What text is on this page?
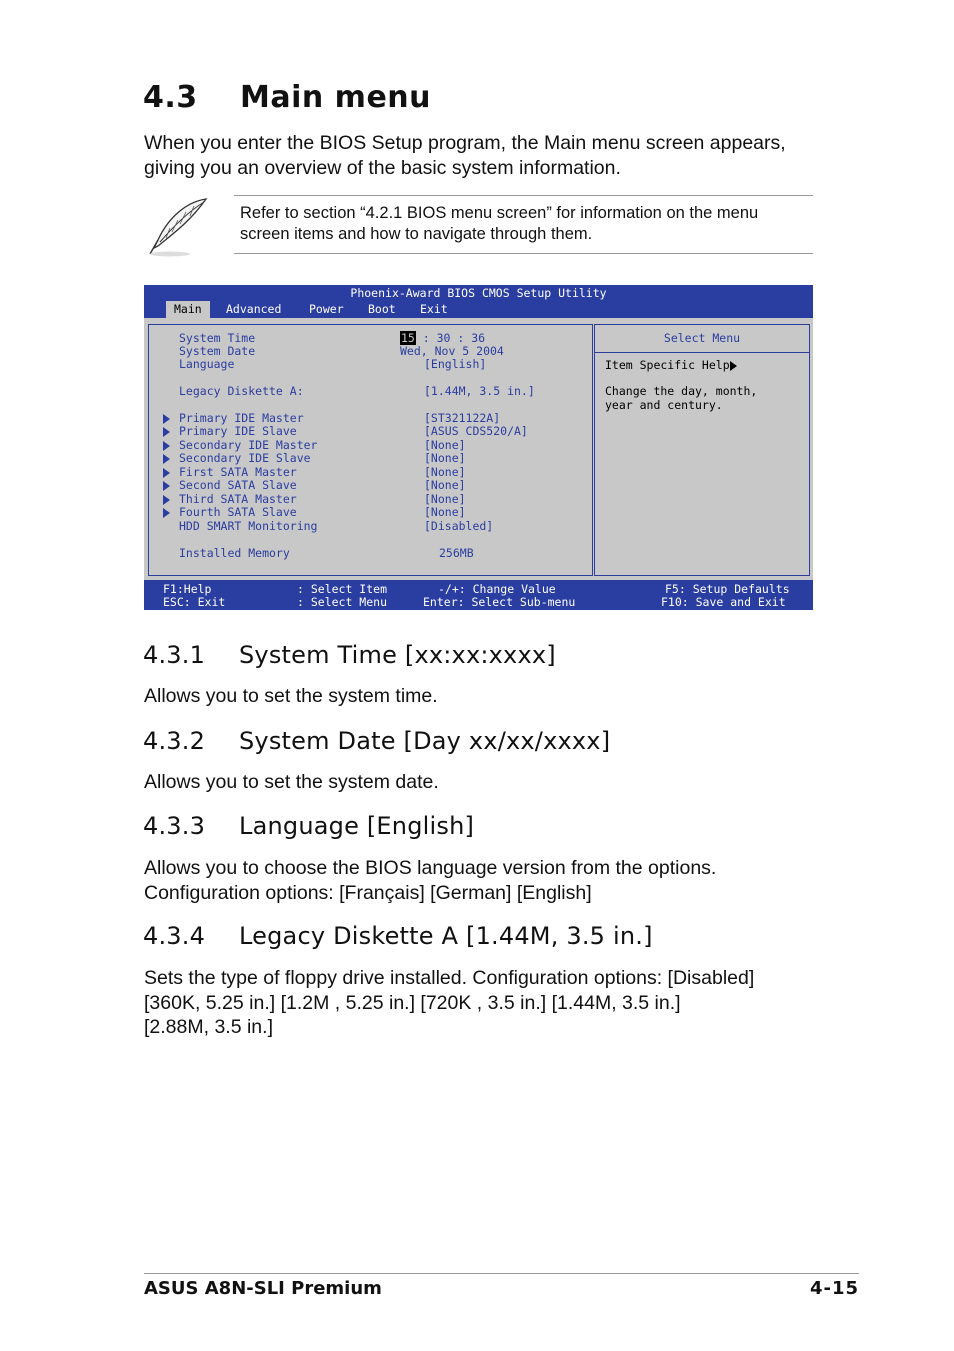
4.3 Main menu
When you enter the BIOS Setup program, the Main menu screen appears,
giving you an overview of the basic system information.
Refer to section “4.2.1 BIOS menu screen” for information on the menu
screen items and how to navigate through them.
Phoenix-Award BIOS CMOS Setup Utility
Main	Advanced Power Boot Exit
Select Menu
System Time	15 : 30 : 36
System Date	Wed, Nov 5 2004
Language	[English]
Legacy Diskette A:	[1.44M, 3.5 in.]
Primary IDE Master	[ST321122A]
Primary IDE Slave	[ASUS CDS520/A]
Secondary IDE Master	[None]
Secondary IDE Slave	[None]
First SATA Master	[None]
Second SATA Slave	[None]
Third SATA Master	[None]
Fourth SATA Slave	[None]
HDD SMART Monitoring	[Disabled]
Installed Memory	256MB
Item Specific Help
Change the day, month,
year and century.
F1:Help
ESC: Exit
: Select Item
: Select Menu
-/+: Change Value
Enter: Select Sub-menu
F5: Setup Defaults
F10: Save and Exit
4.3.1 System Time [xx:xx:xxxx]
Allows you to set the system time.
4.3.2 System Date [Day xx/xx/xxxx]
Allows you to set the system date.
4.3.3 Language [English]
Allows you to choose the BIOS language version from the options.
Configuration options: [Français] [German] [English]
4.3.4 Legacy Diskette A [1.44M, 3.5 in.]
Sets the type of floppy drive installed. Configuration options: [Disabled]
[360K, 5.25 in.] [1.2M , 5.25 in.] [720K , 3.5 in.] [1.44M, 3.5 in.]
[2.88M, 3.5 in.]
ASUS A8N-SLI Premium	4-15
